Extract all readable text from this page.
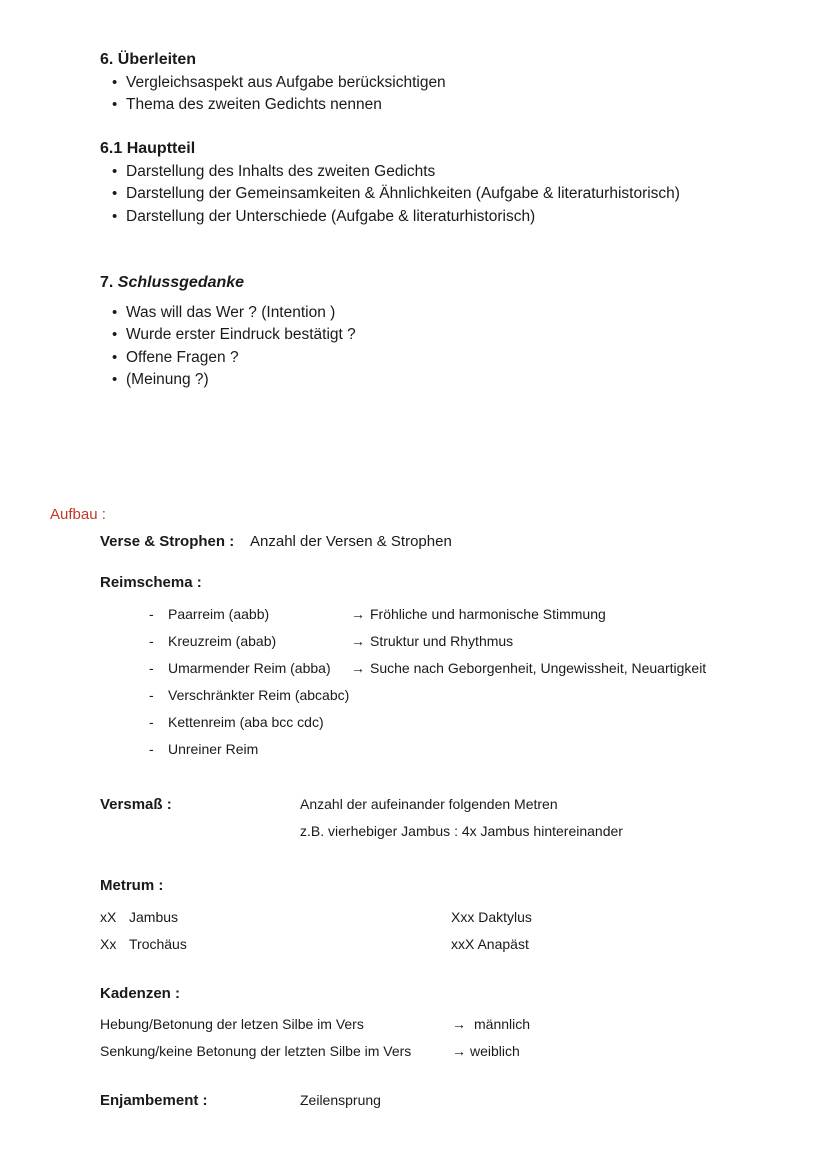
6. Überleiten
• Vergleichsaspekt aus Aufgabe berücksichtigen
• Thema des zweiten Gedichts nennen
6.1 Hauptteil
• Darstellung des Inhalts des zweiten Gedichts
• Darstellung der Gemeinsamkeiten & Ähnlichkeiten (Aufgabe & literaturhistorisch)
• Darstellung der Unterschiede (Aufgabe & literaturhistorisch)
7. Schlussgedanke
• Was will das Wer ? (Intention )
• Wurde erster Eindruck bestätigt ?
• Offene Fragen ?
• (Meinung ?)
Aufbau :
Verse & Strophen : Anzahl der Versen & Strophen
Reimschema :
- Paarreim (aabb)	→ Fröhliche und harmonische Stimmung
- Kreuzreim (abab)	→ Struktur und Rhythmus
- Umarmender Reim (abba) → Suche nach Geborgenheit, Ungewissheit, Neuartigkeit
- Verschränkter Reim (abcabc)
- Kettenreim (aba bcc cdc)
- Unreiner Reim
Versmaß :	Anzahl der aufeinander folgenden Metren
z.B. vierhebiger Jambus : 4x Jambus hintereinander
Metrum :
xX Jambus	Xxx Daktylus
Xx Trochäus	xxX Anapäst
Kadenzen :
Hebung/Betonung der letzen Silbe im Vers	→ männlich
Senkung/keine Betonung der letzten Silbe im Vers	→ weiblich
Enjambement :	Zeilensprung
